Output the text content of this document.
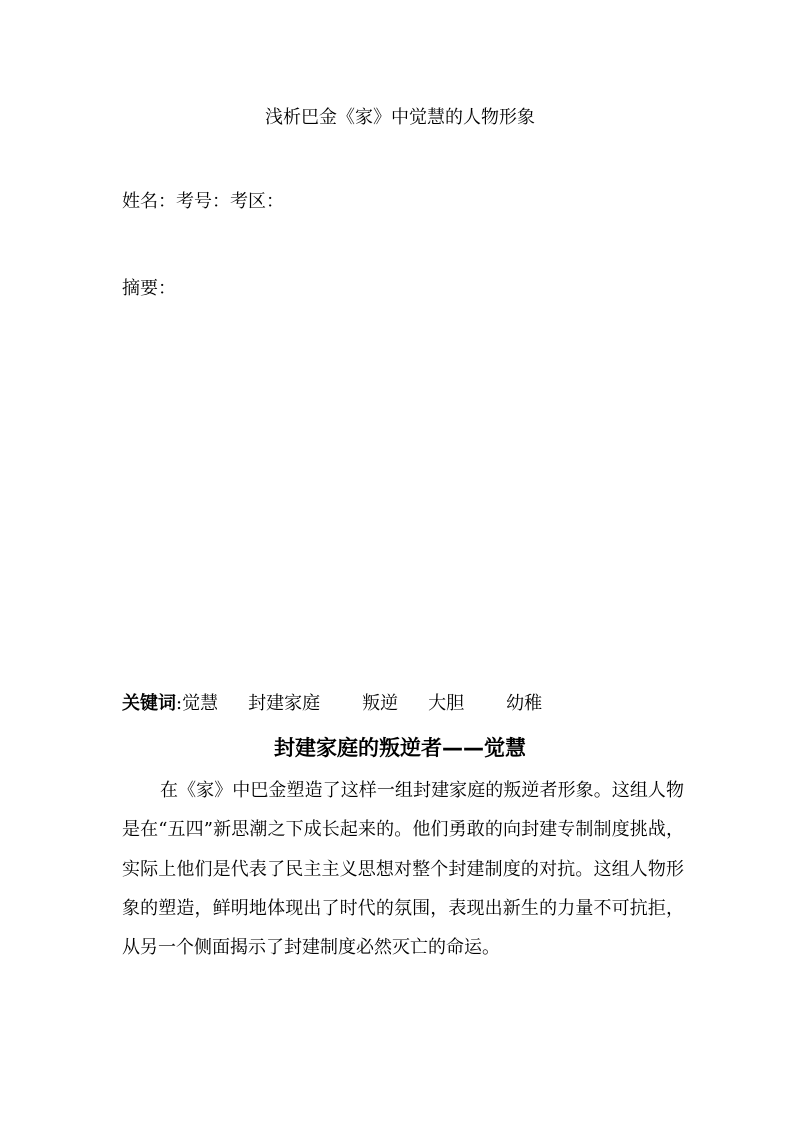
浅析巴金《家》中觉慧的人物形象
姓名：考号：考区：
摘要：
关键词:觉慧 封建家庭 叛逆 大胆 幼稚
封建家庭的叛逆者——觉慧

在《家》中巴金塑造了这样一组封建家庭的叛逆者形象。这组人物是在“五四”新思潮之下成长起来的。他们勇敢的向封建专制制度挑战，实际上他们是代表了民主主义思想对整个封建制度的对抗。这组人物形象的塑造，鲜明地体现出了时代的氛围，表现出新生的力量不可抗拒，从另一个侧面揭示了封建制度必然灭亡的命运。
